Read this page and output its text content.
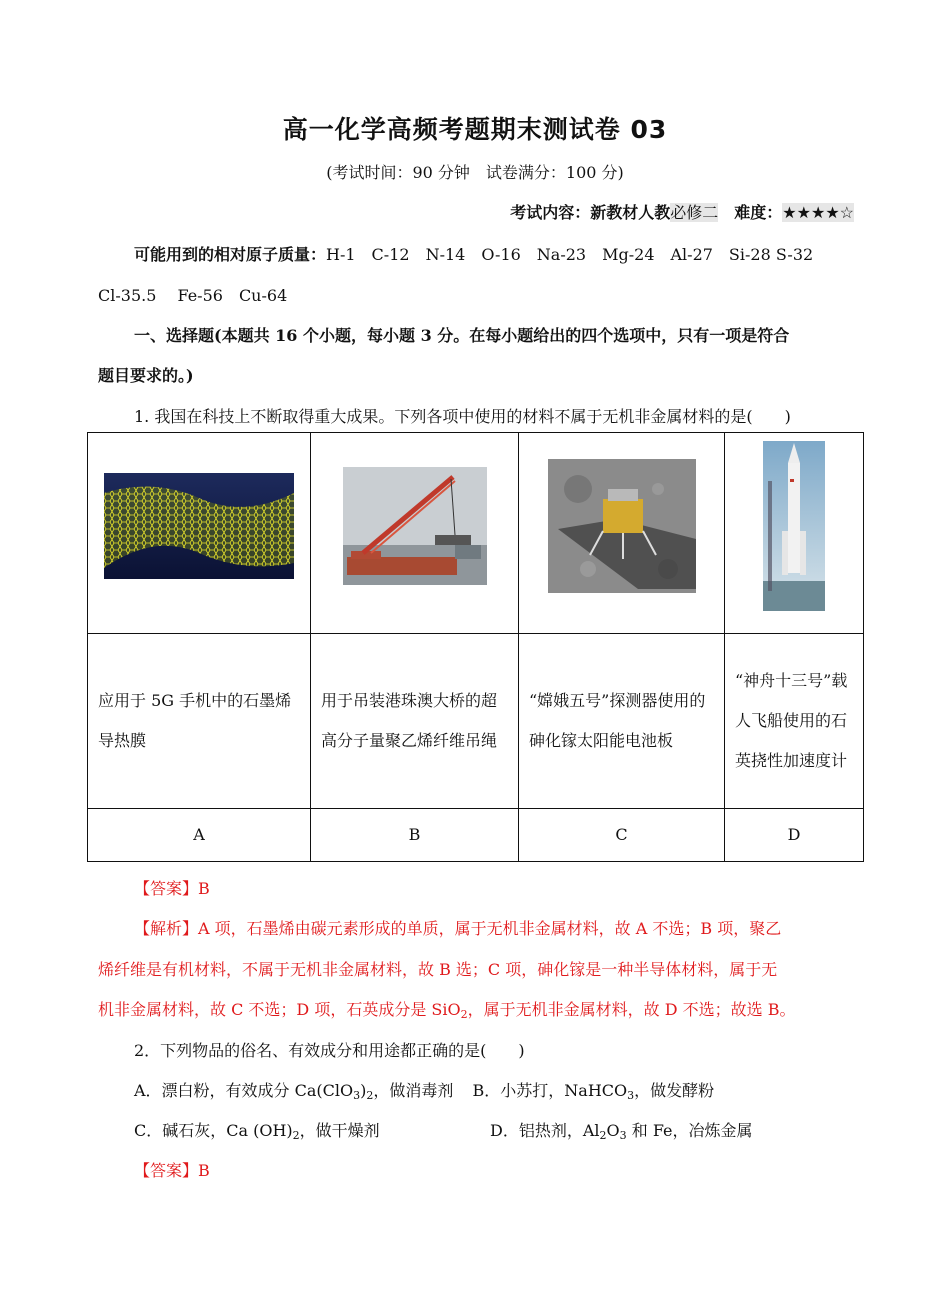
高一化学高频考题期末测试卷 03
(考试时间：90 分钟　试卷满分：100 分)
考试内容：新教材人教必修二　 难度：★★★★☆
可能用到的相对原子质量：H-1　C-12　N-14　O-16　Na-23　Mg-24　Al-27　Si-28 S-32
Cl-35.5　 Fe-56　Cu-64
一、选择题(本题共 16 个小题，每小题 3 分。在每小题给出的四个选项中，只有一项是符合
题目要求的。)
1. 我国在科技上不断取得重大成果。下列各项中使用的材料不属于无机非金属材料的是(　　)

应用于 5G 手机中的石墨烯导热膜	用于吊装港珠澳大桥的超高分子量聚乙烯纤维吊绳	“嫦娥五号”探测器使用的砷化镓太阳能电池板	“神舟十三号”载人飞船使用的石英挠性加速度计
A	B	C	D
【答案】B
【解析】A 项，石墨烯由碳元素形成的单质，属于无机非金属材料，故 A 不选；B 项，聚乙
烯纤维是有机材料，不属于无机非金属材料，故 B 选；C 项，砷化镓是一种半导体材料，属于无
机非金属材料，故 C 不选；D 项，石英成分是 SiO$_2$，属于无机非金属材料，故 D 不选；故选 B。
2．下列物品的俗名、有效成分和用途都正确的是(　　)
A．漂白粉，有效成分 $Ca(ClO_3)_2$，做消毒剂 B．小苏打，NaHCO$_3$，做发酵粉
C．碱石灰，Ca $(OH)_2$，做干燥剂	D．铝热剂，$Al_2O_3$ 和 Fe，冶炼金属
【答案】B
